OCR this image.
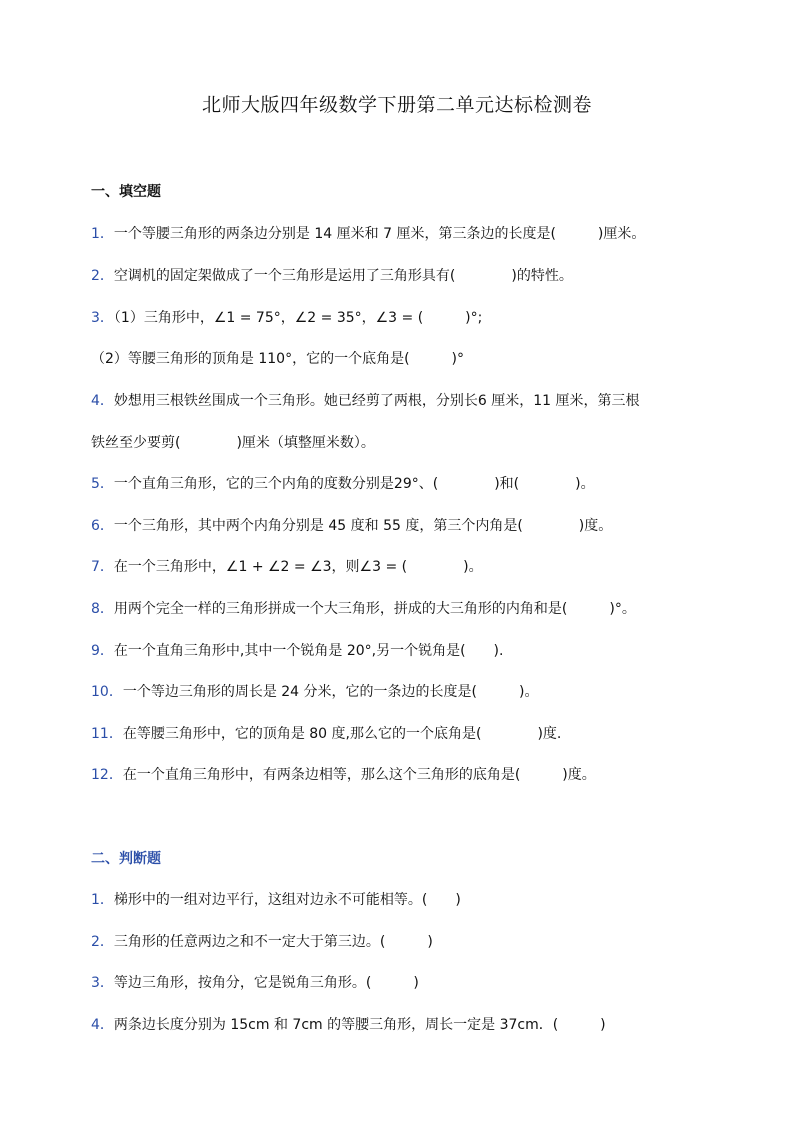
北师大版四年级数学下册第二单元达标检测卷
一、填空题
1．一个等腰三角形的两条边分别是 14 厘米和 7 厘米，第三条边的长度是(　　　)厘米。
2．空调机的固定架做成了一个三角形是运用了三角形具有(　　　　)的特性。
3．（1）三角形中，∠1 = 75°，∠2 = 35°，∠3 = (　　　)°;
（2）等腰三角形的顶角是 110°，它的一个底角是(　　　)°
4．妙想用三根铁丝围成一个三角形。她已经剪了两根，分别长6 厘米，11 厘米，第三根
铁丝至少要剪(　　　　)厘米（填整厘米数）。
5．一个直角三角形，它的三个内角的度数分别是29°、(　　　　)和(　　　　)。
6．一个三角形，其中两个内角分别是 45 度和 55 度，第三个内角是(　　　　)度。
7．在一个三角形中，∠1 + ∠2 = ∠3，则∠3 = (　　　　)。
8．用两个完全一样的三角形拼成一个大三角形，拼成的大三角形的内角和是(　　　)°。
9．在一个直角三角形中,其中一个锐角是 20°,另一个锐角是(　　).
10．一个等边三角形的周长是 24 分米，它的一条边的长度是(　　　)。
11．在等腰三角形中，它的顶角是 80 度,那么它的一个底角是(　　　　)度.
12．在一个直角三角形中，有两条边相等，那么这个三角形的底角是(　　　)度。
二、判断题
1．梯形中的一组对边平行，这组对边永不可能相等。(　　)
2．三角形的任意两边之和不一定大于第三边。(　　　)
3．等边三角形，按角分，它是锐角三角形。(　　　)
4．两条边长度分别为 15cm 和 7cm 的等腰三角形，周长一定是 37cm．(　　　)
